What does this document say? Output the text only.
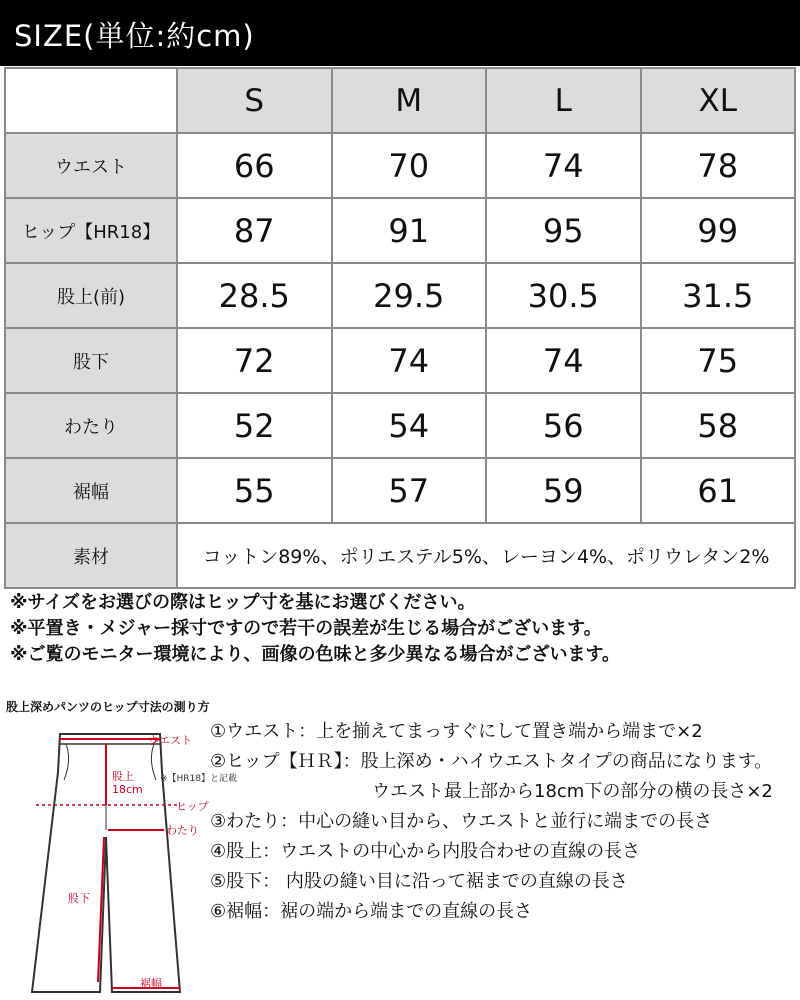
SIZE(単位:約cm)
	S	M	L	XL
ウエスト	66	70	74	78
ヒップ【HR18】	87	91	95	99
股上(前)	28.5	29.5	30.5	31.5
股下	72	74	74	75
わたり	52	54	56	58
裾幅	55	57	59	61
素材	コットン89%、ポリエステル5%、レーヨン4%、ポリウレタン2%			
※サイズをお選びの際はヒップ寸を基にお選びください。
※平置き・メジャー採寸ですので若干の誤差が生じる場合がございます。
※ご覧のモニター環境により、画像の色味と多少異なる場合がございます。
股上深めパンツのヒップ寸法の測り方
ウエスト
股上
18cm
※【HR18】と記載
ヒップ
わたり
股下
裾幅
①ウエスト：上を揃えてまっすぐにして置き端から端まで×2
②ヒップ【ＨＲ】：股上深め・ハイウエストタイプの商品になります。
ウエスト最上部から18cm下の部分の横の長さ×2
③わたり：中心の縫い目から、ウエストと並行に端までの長さ
④股上：ウエストの中心から内股合わせの直線の長さ
⑤股下： 内股の縫い目に沿って裾までの直線の長さ
⑥裾幅：裾の端から端までの直線の長さ
